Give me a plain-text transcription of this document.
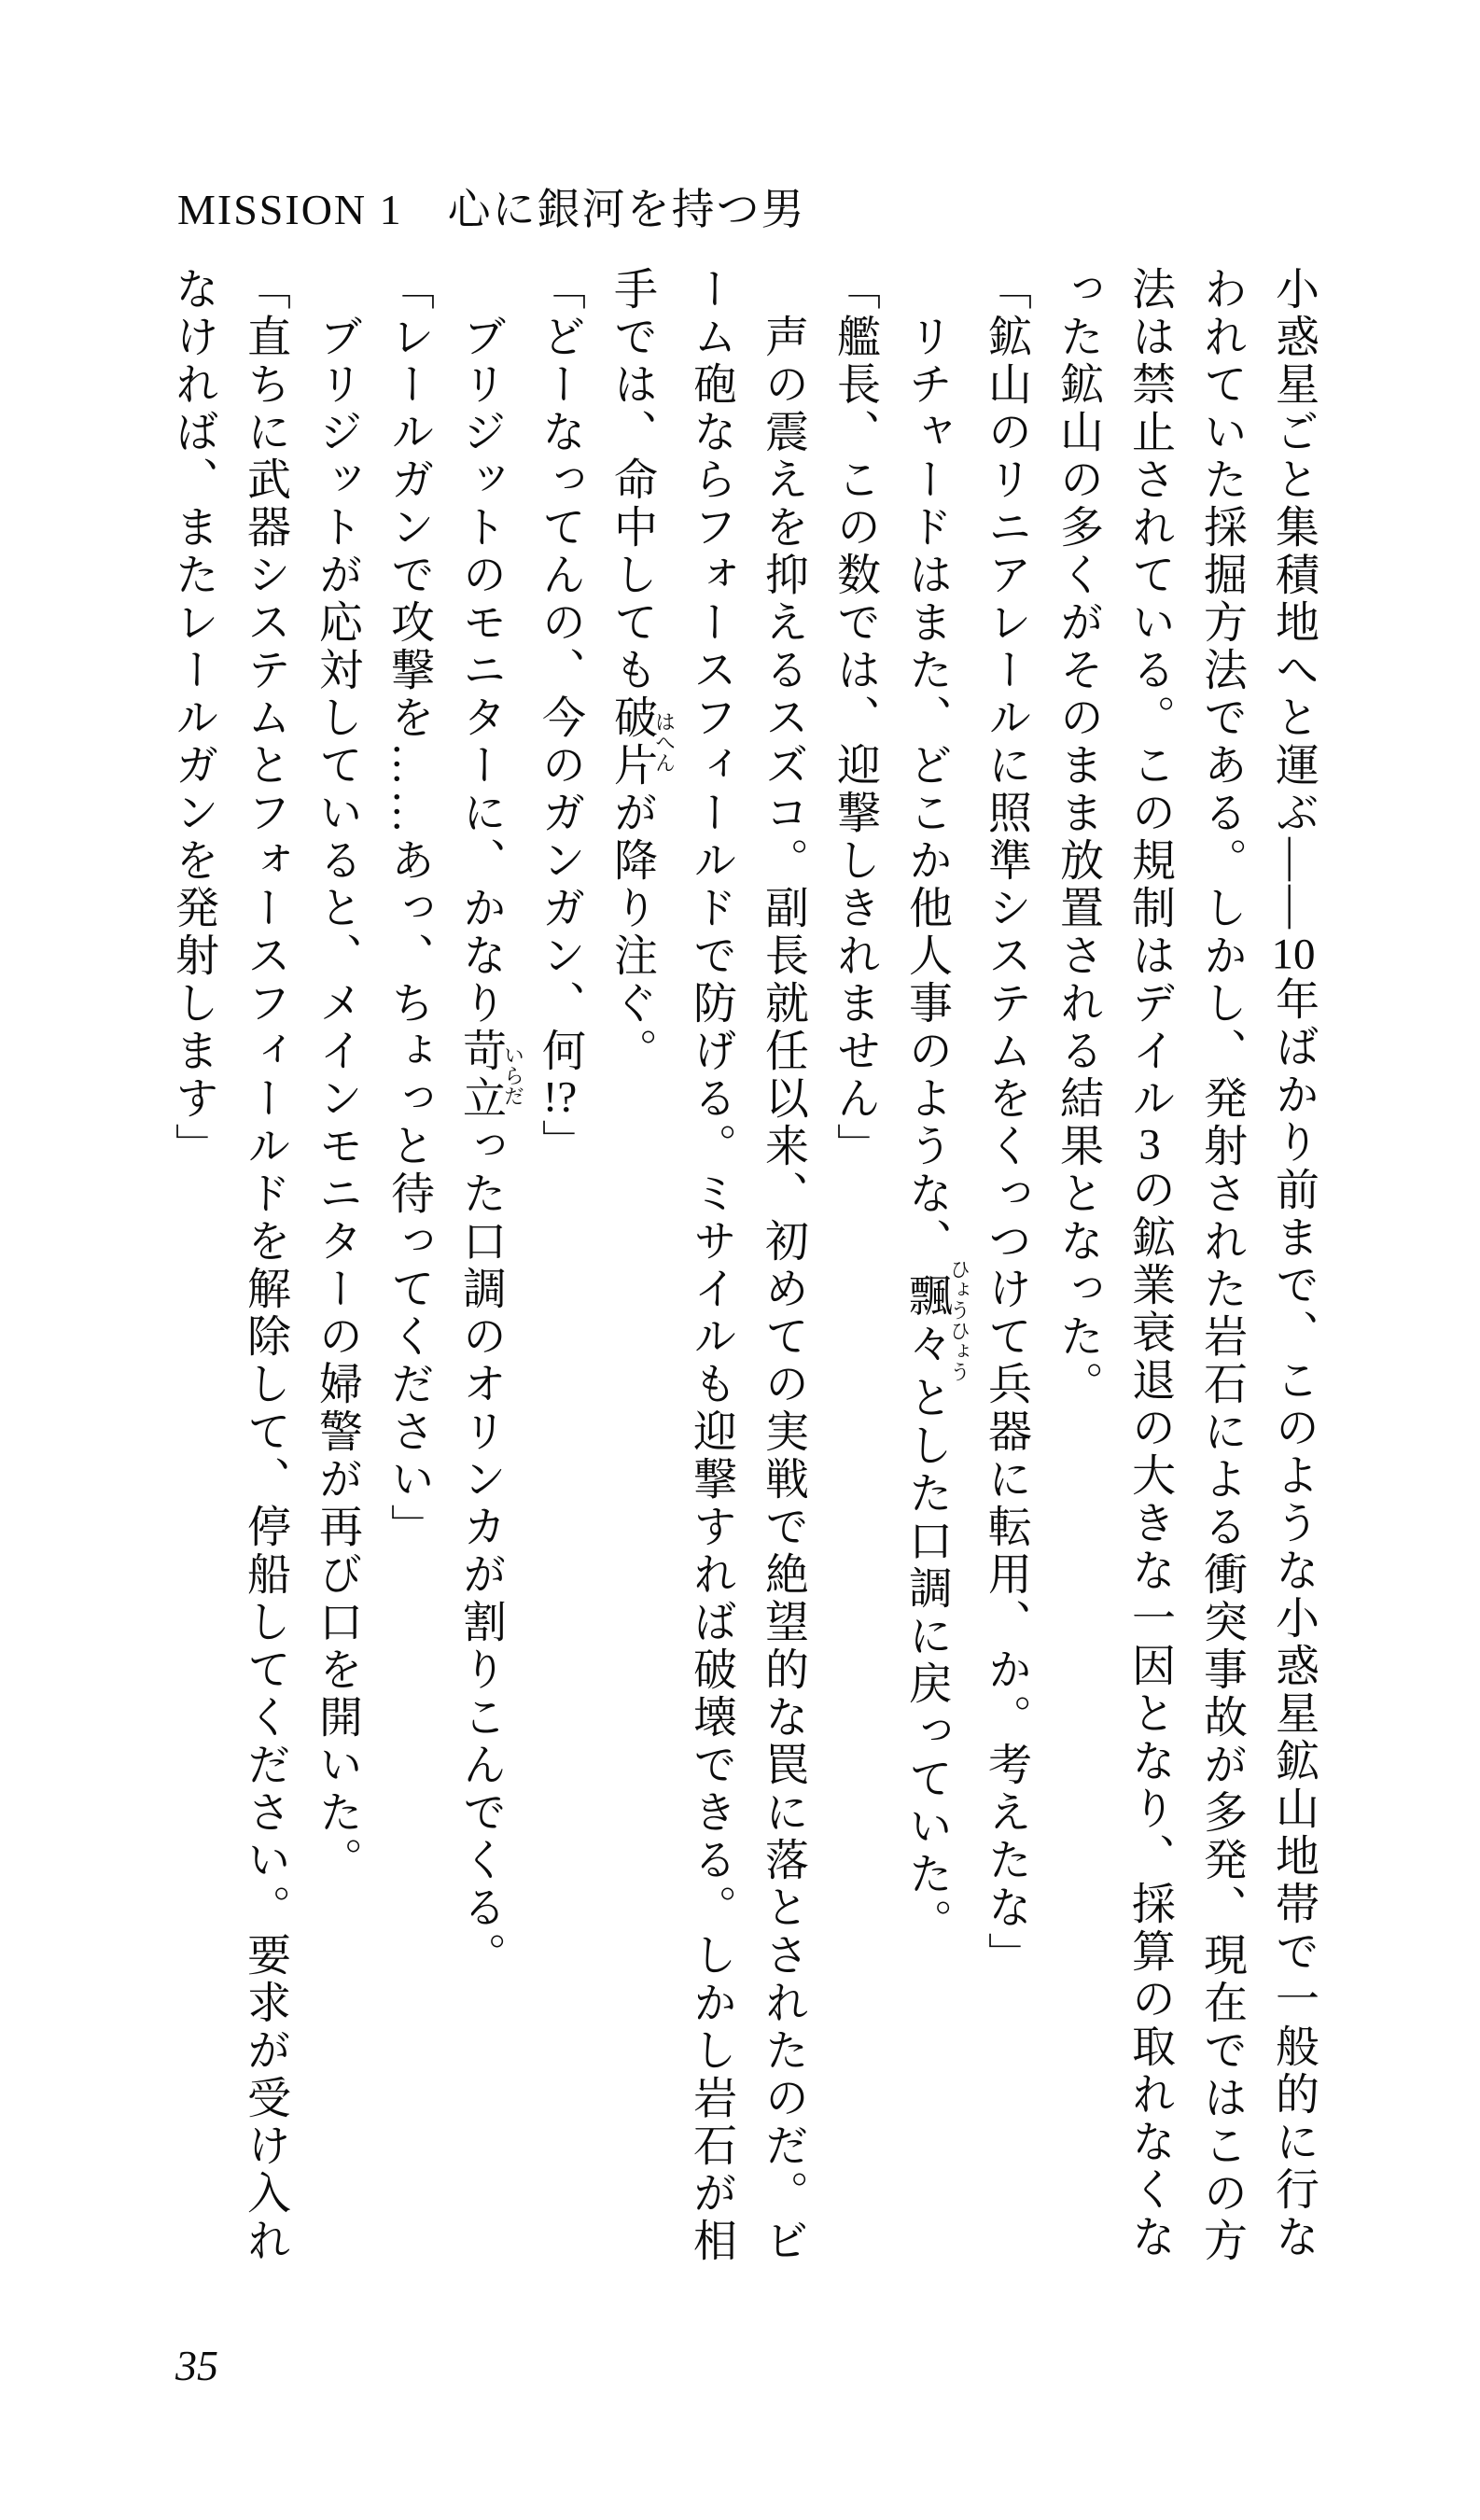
MISSION 1 心に銀河を持つ男

小惑星ごと集積地へと運ぶ――10年ばかり前まで、このような小惑星鉱山地帯で一般的に行な

われていた採掘方法である。しかし、発射された岩石による衝突事故が多発、現在ではこの方

法は禁止されている。この規制はデイル3の鉱業衰退の大きな一因となり、採算の取れなくな

った鉱山の多くがそのまま放置される結果となった。

「鉱山のリニアレールに照準システムをくっつけて兵器に転用、か。考えたな」

　リチャードはまた、どこか他人事のような、飄々ひょうひょうとした口調に戻っていた。

「艦長、この数では、迎撃しきれません」

　声の震えを抑えるスズコ。副長就任以来、初めての実戦で絶望的な罠に落とされたのだ。ビ

ーム砲ならフォースフィールドで防げる。ミサイルも迎撃すれば破壊できる。しかし岩石が相

手では、命中しても破片はへんが降り注ぐ。

「どーなってんの、今のガンガン、何!?」

　ブリジットのモニターに、かなり苛立いらだった口調のオリンカが割りこんでくる。

「レールガンで攻撃を……あっ、ちょっと待ってください」

　ブリジットが応対していると、メインモニターの婦警が再び口を開いた。

「直ちに武器システムとフォースフィールドを解除して、停船してください。要求が受け入れ

なければ、またレールガンを発射します」

35
